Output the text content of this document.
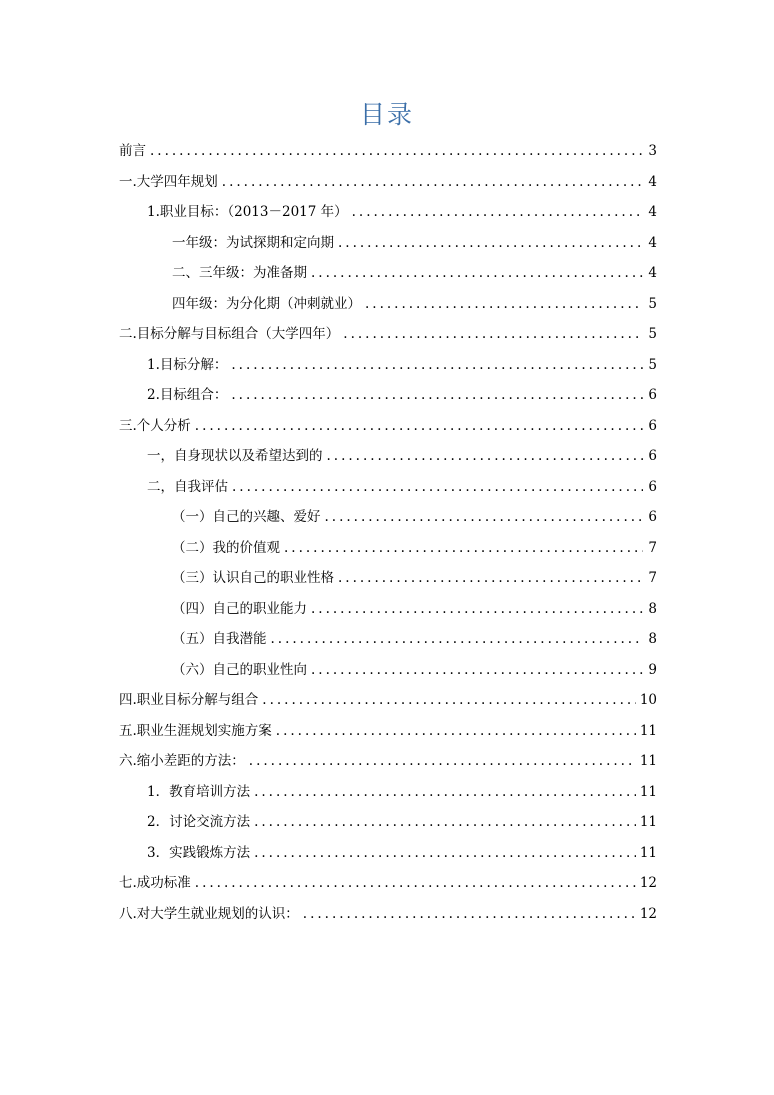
目录
前言 .....	3
一.大学四年规划 .....	4
1.职业目标：（2013－2017 年） .....	4
一年级：为试探期和定向期 .....	4
二、三年级：为准备期 .....	4
四年级：为分化期（冲刺就业） .....	5
二.目标分解与目标组合（大学四年） .....	5
1.目标分解： .....	5
2.目标组合： .....	6
三.个人分析 .....	6
一，自身现状以及希望达到的 .....	6
二，自我评估 .....	6
（一）自己的兴趣、爱好 .....	6
（二）我的价值观 .....	7
（三）认识自己的职业性格 .....	7
（四）自己的职业能力 .....	8
（五）自我潜能 .....	8
（六）自己的职业性向 .....	9
四.职业目标分解与组合 .....	10
五.职业生涯规划实施方案 .....	11
六.缩小差距的方法： .....	11
1．教育培训方法 .....	11
2．讨论交流方法 .....	11
3．实践锻炼方法 .....	11
七.成功标准 .....	12
八.对大学生就业规划的认识： .....	12
